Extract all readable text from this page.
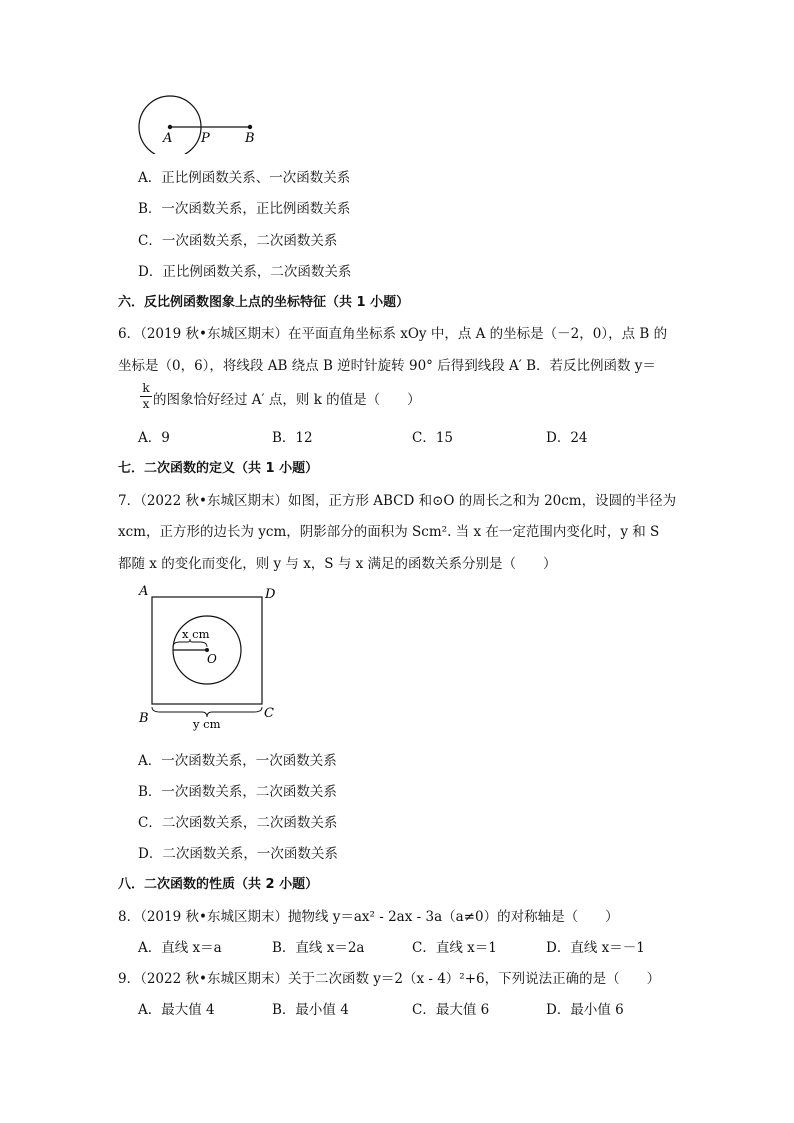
A P	B
A．正比例函数关系、一次函数关系
B．一次函数关系，正比例函数关系
C．一次函数关系，二次函数关系
D．正比例函数关系，二次函数关系
六．反比例函数图象上点的坐标特征（共 1 小题）
6．（2019 秋•东城区期末）在平面直角坐标系 xOy 中，点 A 的坐标是（－2，0），点 B 的
坐标是（0，6），将线段 AB 绕点 B 逆时针旋转 90° 后得到线段 A′ B．若反比例函数 y＝
k
x 的图象恰好经过 A′ 点，则 k 的值是（　　）
A．9	B．12	C．15	D．24
七．二次函数的定义（共 1 小题）
7．（2022 秋•东城区期末）如图，正方形 ABCD 和⊙O 的周长之和为 20cm，设圆的半径为
xcm，正方形的边长为 ycm，阴影部分的面积为 Scm². 当 x 在一定范围内变化时，y 和 S
都随 x 的变化而变化，则 y 与 x，S 与 x 满足的函数关系分别是（　　）
A	D
B	C
O
x cm
y cm
A．一次函数关系，一次函数关系
B．一次函数关系，二次函数关系
C．二次函数关系，二次函数关系
D．二次函数关系，一次函数关系
八．二次函数的性质（共 2 小题）
8．（2019 秋•东城区期末）抛物线 y＝ax² - 2ax - 3a（a≠0）的对称轴是（　　）
A．直线 x＝a	B．直线 x＝2a	C．直线 x＝1	D．直线 x＝－1
9．（2022 秋•东城区期末）关于二次函数 y＝2（x - 4）²+6，下列说法正确的是（　　）
A．最大值 4	B．最小值 4	C．最大值 6	D．最小值 6
